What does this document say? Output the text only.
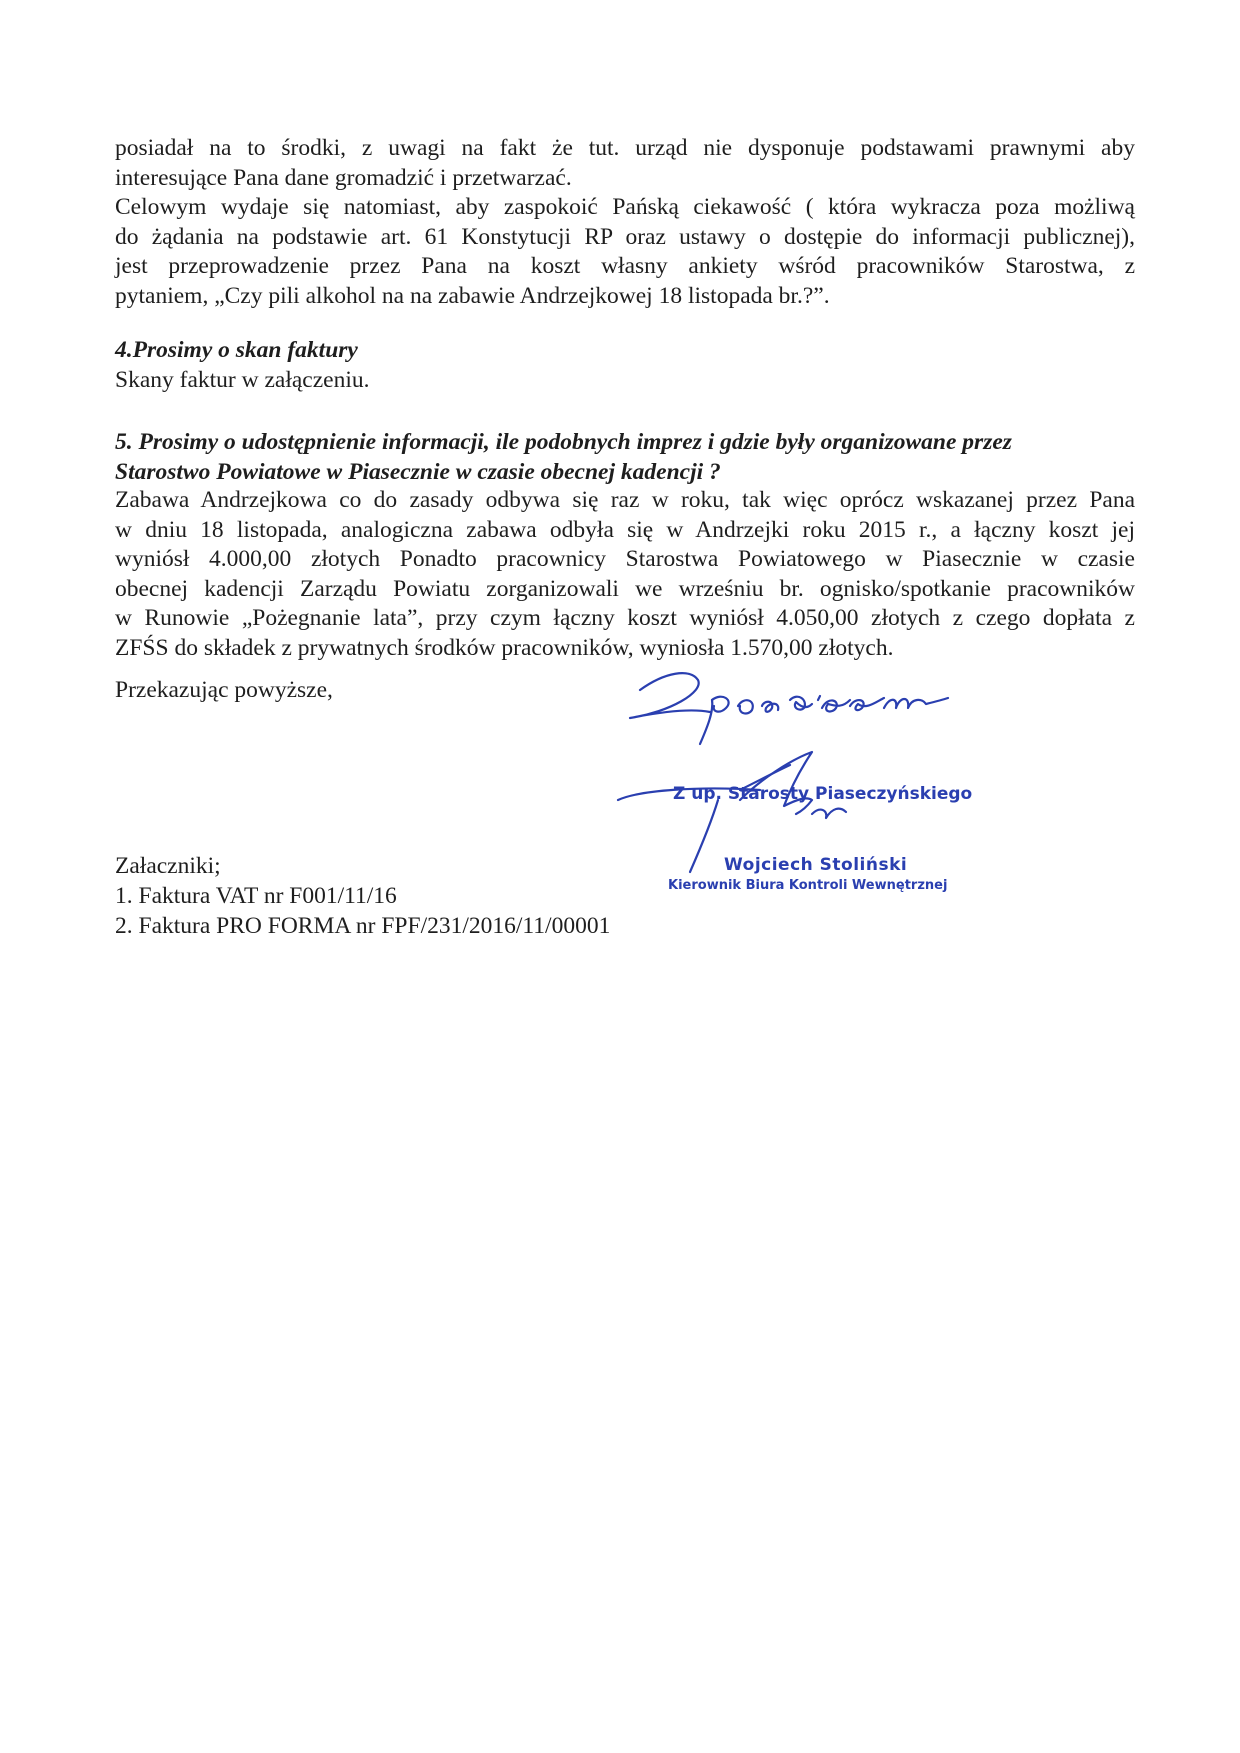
posiadał na to środki, z uwagi na fakt że tut. urząd nie dysponuje podstawami prawnymi aby
interesujące Pana dane gromadzić i przetwarzać.
Celowym wydaje się natomiast, aby zaspokoić Pańską ciekawość ( która wykracza poza możliwą
do żądania na podstawie art. 61 Konstytucji RP oraz ustawy o dostępie do informacji publicznej),
jest przeprowadzenie przez Pana na koszt własny ankiety wśród pracowników Starostwa, z
pytaniem, „Czy pili alkohol na na zabawie Andrzejkowej 18 listopada br.?”.
4.Prosimy o skan faktury
Skany faktur w załączeniu.
5. Prosimy o udostępnienie informacji, ile podobnych imprez i gdzie były organizowane przez
Starostwo Powiatowe w Piasecznie w czasie obecnej kadencji ?
Zabawa Andrzejkowa co do zasady odbywa się raz w roku, tak więc oprócz wskazanej przez Pana
w dniu 18 listopada, analogiczna zabawa odbyła się w Andrzejki roku 2015 r., a łączny koszt jej
wyniósł 4.000,00 złotych Ponadto pracownicy Starostwa Powiatowego w Piasecznie w czasie
obecnej kadencji Zarządu Powiatu zorganizowali we wrześniu br. ognisko/spotkanie pracowników
w Runowie „Pożegnanie lata”, przy czym łączny koszt wyniósł 4.050,00 złotych z czego dopłata z
ZFŚS do składek z prywatnych środków pracowników, wyniosła 1.570,00 złotych.
Przekazując powyższe,
Z up. Starosty Piaseczyńskiego
Wojciech Stoliński
Kierownik Biura Kontroli Wewnętrznej
Załaczniki;
1. Faktura VAT nr F001/11/16
2. Faktura PRO FORMA nr FPF/231/2016/11/00001
